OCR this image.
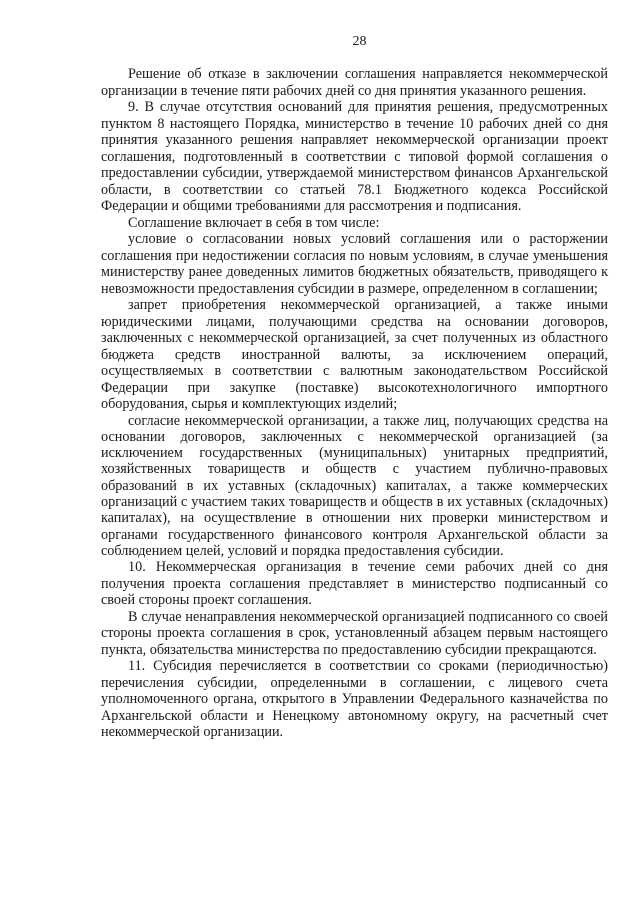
28

Решение об отказе в заключении соглашения направляется некоммерческой организации в течение пяти рабочих дней со дня принятия указанного решения.

9. В случае отсутствия оснований для принятия решения, предусмотренных пунктом 8 настоящего Порядка, министерство в течение 10 рабочих дней со дня принятия указанного решения направляет некоммерческой организации проект соглашения, подготовленный в соответствии с типовой формой соглашения о предоставлении субсидии, утверждаемой министерством финансов Архангельской области, в соответствии со статьей 78.1 Бюджетного кодекса Российской Федерации и общими требованиями для рассмотрения и подписания.

Соглашение включает в себя в том числе:

условие о согласовании новых условий соглашения или о расторжении соглашения при недостижении согласия по новым условиям, в случае уменьшения министерству ранее доведенных лимитов бюджетных обязательств, приводящего к невозможности предоставления субсидии в размере, определенном в соглашении;

запрет приобретения некоммерческой организацией, а также иными юридическими лицами, получающими средства на основании договоров, заключенных с некоммерческой организацией, за счет полученных из областного бюджета средств иностранной валюты, за исключением операций, осуществляемых в соответствии с валютным законодательством Российской Федерации при закупке (поставке) высокотехнологичного импортного оборудования, сырья и комплектующих изделий;

согласие некоммерческой организации, а также лиц, получающих средства на основании договоров, заключенных с некоммерческой организацией (за исключением государственных (муниципальных) унитарных предприятий, хозяйственных товариществ и обществ с участием публично-правовых образований в их уставных (складочных) капиталах, а также коммерческих организаций с участием таких товариществ и обществ в их уставных (складочных) капиталах), на осуществление в отношении них проверки министерством и органами государственного финансового контроля Архангельской области за соблюдением целей, условий и порядка предоставления субсидии.

10. Некоммерческая организация в течение семи рабочих дней со дня получения проекта соглашения представляет в министерство подписанный со своей стороны проект соглашения.

В случае ненаправления некоммерческой организацией подписанного со своей стороны проекта соглашения в срок, установленный абзацем первым настоящего пункта, обязательства министерства по предоставлению субсидии прекращаются.

11. Субсидия перечисляется в соответствии со сроками (периодичностью) перечисления субсидии, определенными в соглашении, с лицевого счета уполномоченного органа, открытого в Управлении Федерального казначейства по Архангельской области и Ненецкому автономному округу, на расчетный счет некоммерческой организации.
